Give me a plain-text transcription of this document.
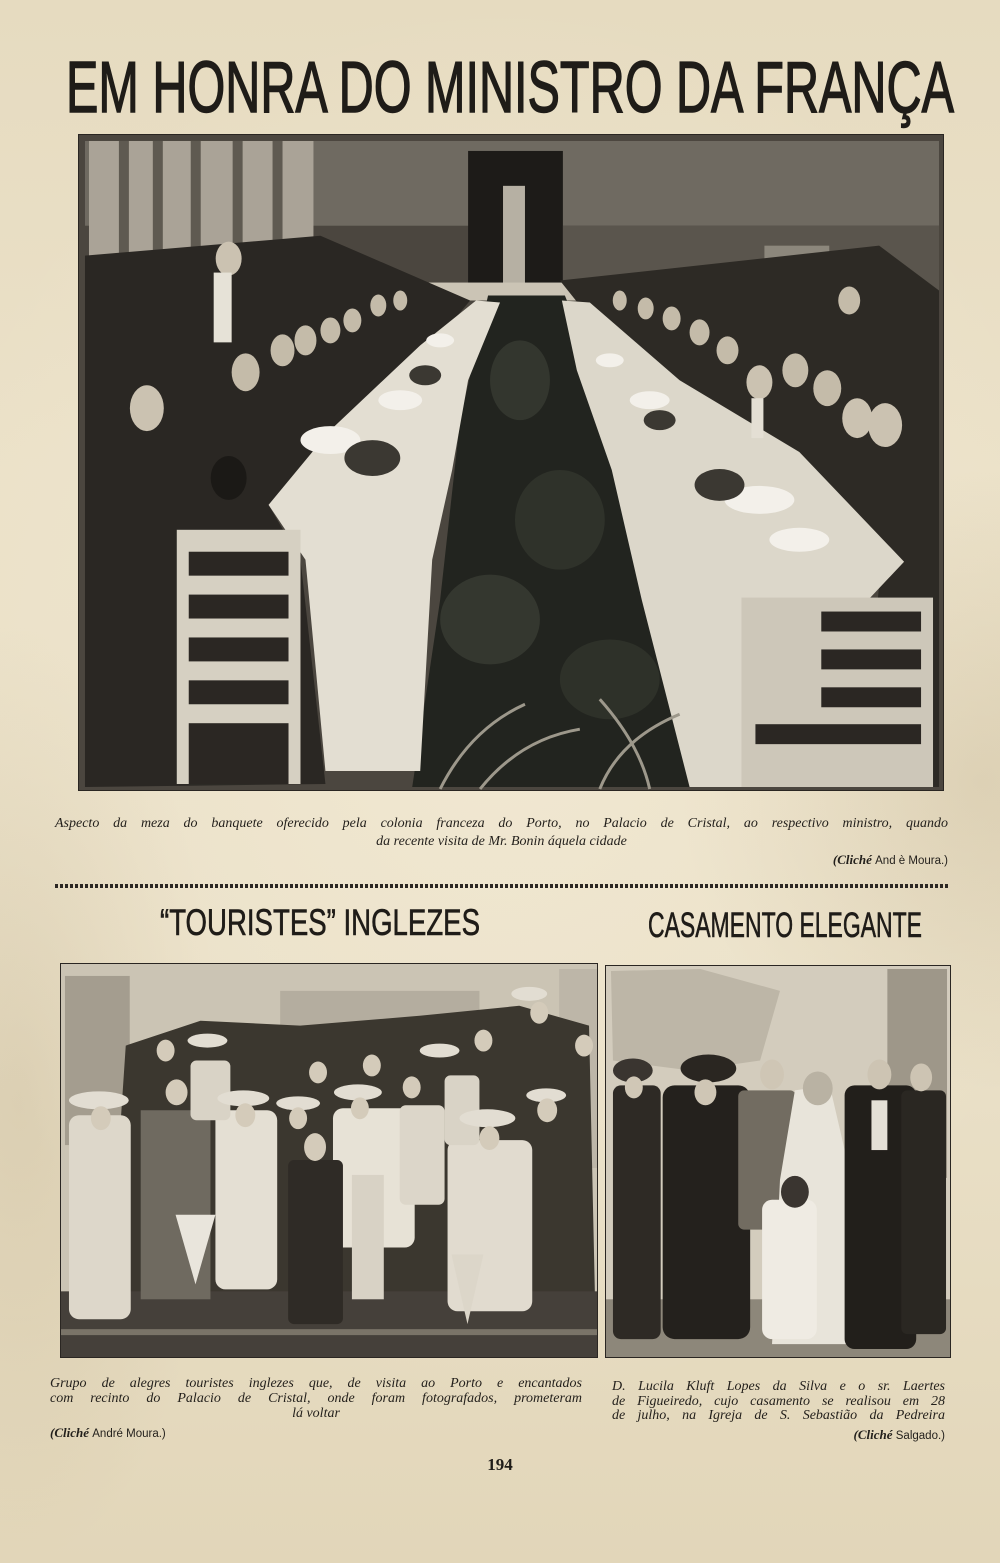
EM HONRA DO MINISTRO DA FRANÇA
Aspecto da meza do banquete oferecido pela colonia franceza do Porto, no Palacio de Cristal, ao respectivo ministro, quando
da recente visita de Mr. Bonin áquela cidade
(Cliché And è Moura.)
“TOURISTES” INGLEZES	CASAMENTO ELEGANTE
Grupo de alegres touristes inglezes que, de visita ao Porto e encantados
com recinto do Palacio de Cristal, onde foram fotografados, prometeram
lá voltar
(Cliché André Moura.)
D. Lucila Kluft Lopes da Silva e o sr. Laertes
de Figueiredo, cujo casamento se realisou em 28
de julho, na Igreja de S. Sebastião da Pedreira
(Cliché Salgado.)
194
